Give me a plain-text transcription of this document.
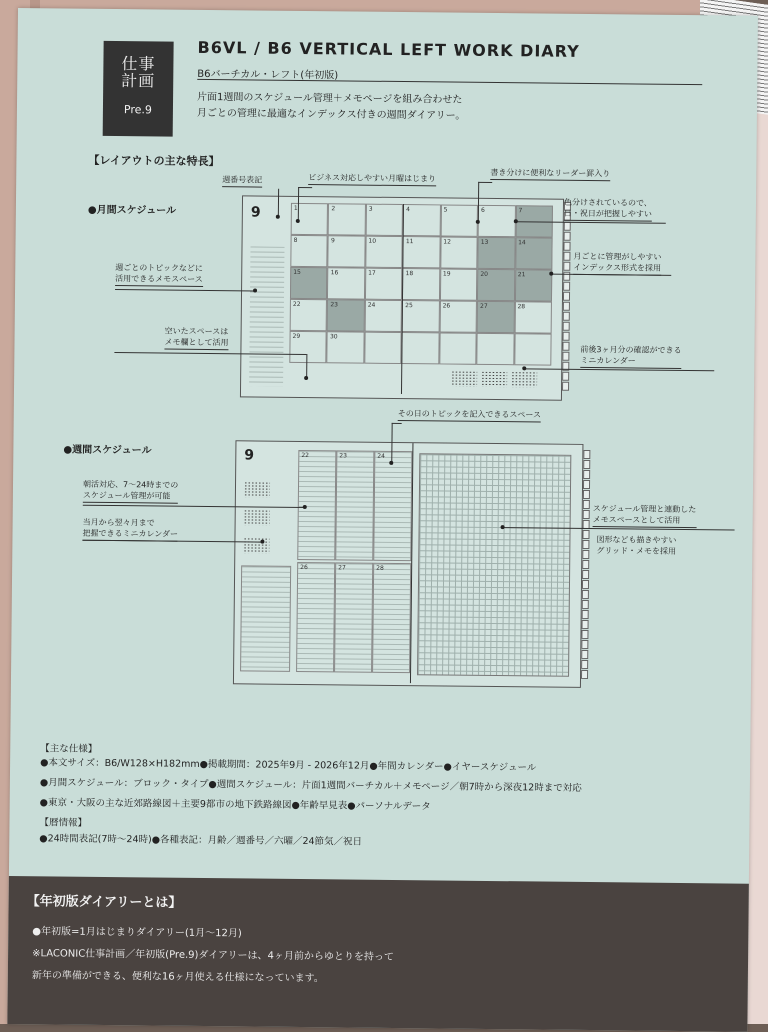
仕事
計画
Pre.9
B6VL / B6 VERTICAL LEFT WORK DIARY
B6バーチカル・レフト(年初版)
片面1週間のスケジュール管理＋メモページを組み合わせた
月ごとの管理に最適なインデックス付きの週間ダイアリー。
【レイアウトの主な特長】
●月間スケジュール	9	1	2	3	4	5	6	7
8	9	10	11	12	13	14
15	16	17	18	19	20	21
22	23	24	25	26	27	28
29	30
週番号表記	ビジネス対応しやすい月曜はじまり	書き分けに便利なリーダー罫入り
色分けされているので、
日・祝日が把握しやすい
月ごとに管理がしやすい
インデックス形式を採用
週ごとのトピックなどに
活用できるメモスペース
空いたスペースは
メモ欄として活用
前後3ヶ月分の確認ができる
ミニカレンダー
●週間スケジュール	9	22	23	24
26	27	28
その日のトピックを記入できるスペース
朝活対応、7～24時までの
スケジュール管理が可能
当月から翌々月まで
把握できるミニカレンダー
スケジュール管理と連動した
メモスペースとして活用
図形なども描きやすい
グリッド・メモを採用
【主な仕様】
●本文サイズ：B6/W128×H182mm●掲載期間：2025年9月 - 2026年12月●年間カレンダー●イヤースケジュール
●月間スケジュール：ブロック・タイプ●週間スケジュール：片面1週間バーチカル＋メモページ／朝7時から深夜12時まで対応
●東京・大阪の主な近郊路線図＋主要9都市の地下鉄路線図●年齢早見表●パーソナルデータ
【暦情報】
●24時間表記(7時～24時)●各種表記：月齢／週番号／六曜／24節気／祝日
【年初版ダイアリーとは】
●年初版=1月はじまりダイアリー(1月～12月)
※LACONIC仕事計画／年初版(Pre.9)ダイアリーは、4ヶ月前からゆとりを持って
新年の準備ができる、便利な16ヶ月使える仕様になっています。
